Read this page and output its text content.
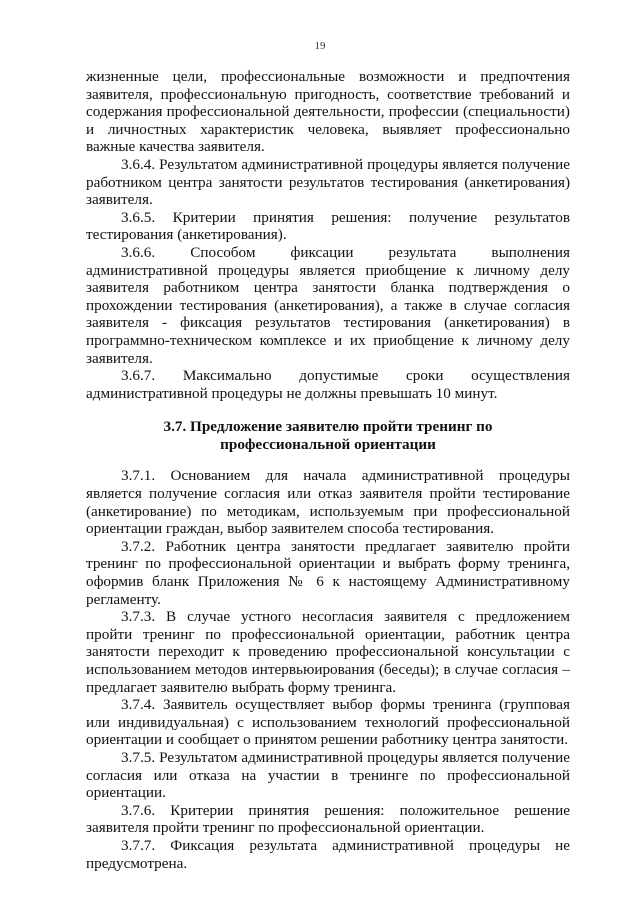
19

жизненные цели, профессиональные возможности и предпочтения заявителя, профессиональную пригодность, соответствие требований и содержания профессиональной деятельности, профессии (специальности) и личностных характеристик человека, выявляет профессионально важные качества заявителя.

3.6.4. Результатом административной процедуры является получение работником центра занятости результатов тестирования (анкетирования) заявителя.

3.6.5. Критерии принятия решения: получение результатов тестирования (анкетирования).

3.6.6. Способом фиксации результата выполнения административной процедуры является приобщение к личному делу заявителя работником центра занятости бланка подтверждения о прохождении тестирования (анкетирования), а также в случае согласия заявителя - фиксация результатов тестирования (анкетирования) в программно-техническом комплексе и их приобщение к личному делу заявителя.

3.6.7. Максимально допустимые сроки осуществления административной процедуры не должны превышать 10 минут.

3.7. Предложение заявителю пройти тренинг по профессиональной ориентации

3.7.1. Основанием для начала административной процедуры является получение согласия или отказ заявителя пройти тестирование (анкетирование) по методикам, используемым при профессиональной ориентации граждан, выбор заявителем способа тестирования.

3.7.2. Работник центра занятости предлагает заявителю пройти тренинг по профессиональной ориентации и выбрать форму тренинга, оформив бланк Приложения № 6 к настоящему Административному регламенту.

3.7.3. В случае устного несогласия заявителя с предложением пройти тренинг по профессиональной ориентации, работник центра занятости переходит к проведению профессиональной консультации с использованием методов интервьюирования (беседы); в случае согласия – предлагает заявителю выбрать форму тренинга.

3.7.4. Заявитель осуществляет выбор формы тренинга (групповая или индивидуальная) с использованием технологий профессиональной ориентации и сообщает о принятом решении работнику центра занятости.

3.7.5. Результатом административной процедуры является получение согласия или отказа на участии в тренинге по профессиональной ориентации.

3.7.6. Критерии принятия решения: положительное решение заявителя пройти тренинг по профессиональной ориентации.

3.7.7. Фиксация результата административной процедуры не предусмотрена.
